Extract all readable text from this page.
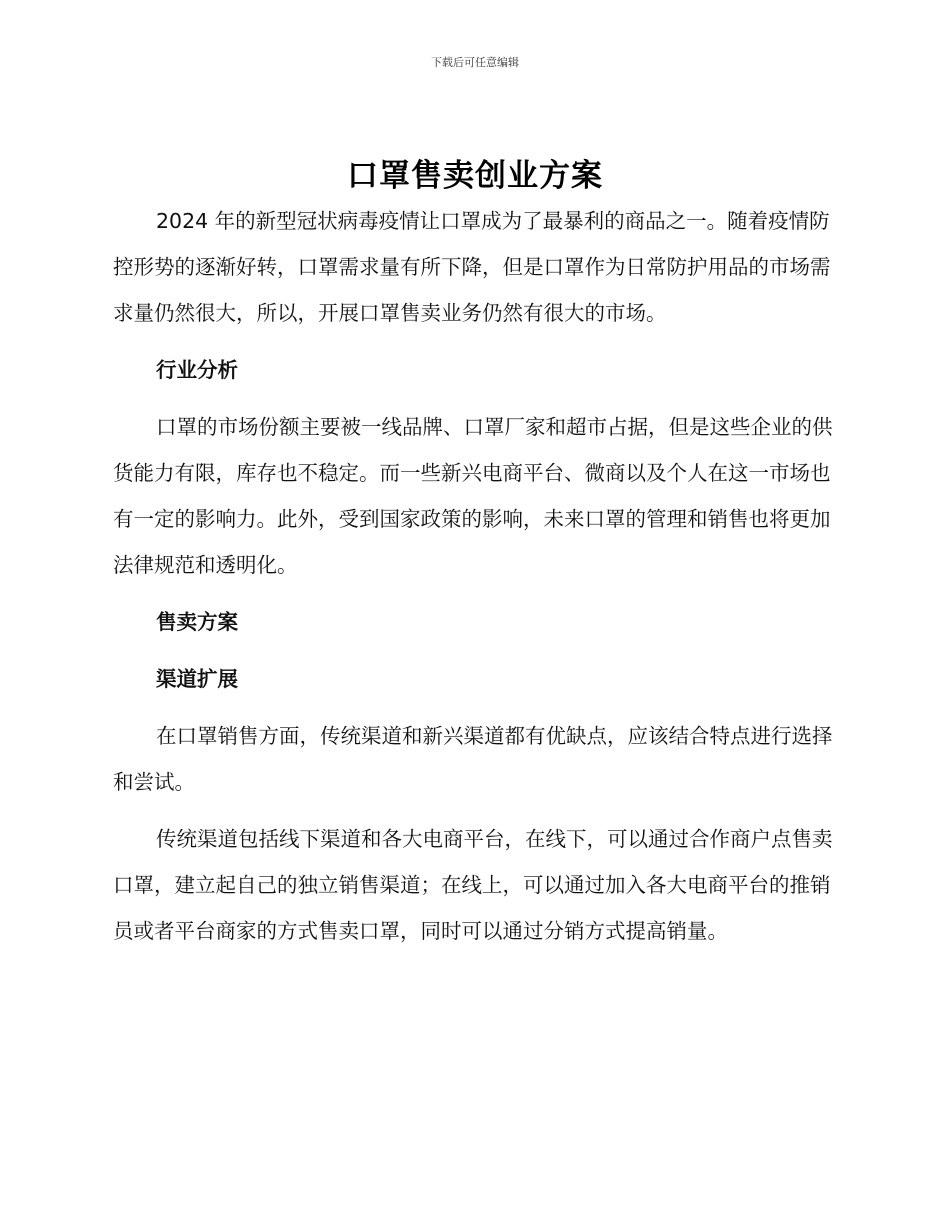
下载后可任意编辑
口罩售卖创业方案

2024 年的新型冠状病毒疫情让口罩成为了最暴利的商品之一。随着疫情防控形势的逐渐好转，口罩需求量有所下降，但是口罩作为日常防护用品的市场需求量仍然很大，所以，开展口罩售卖业务仍然有很大的市场。

行业分析

口罩的市场份额主要被一线品牌、口罩厂家和超市占据，但是这些企业的供货能力有限，库存也不稳定。而一些新兴电商平台、微商以及个人在这一市场也有一定的影响力。此外，受到国家政策的影响，未来口罩的管理和销售也将更加法律规范和透明化。

售卖方案

渠道扩展

在口罩销售方面，传统渠道和新兴渠道都有优缺点，应该结合特点进行选择和尝试。

传统渠道包括线下渠道和各大电商平台，在线下，可以通过合作商户点售卖口罩，建立起自己的独立销售渠道；在线上，可以通过加入各大电商平台的推销员或者平台商家的方式售卖口罩，同时可以通过分销方式提高销量。
